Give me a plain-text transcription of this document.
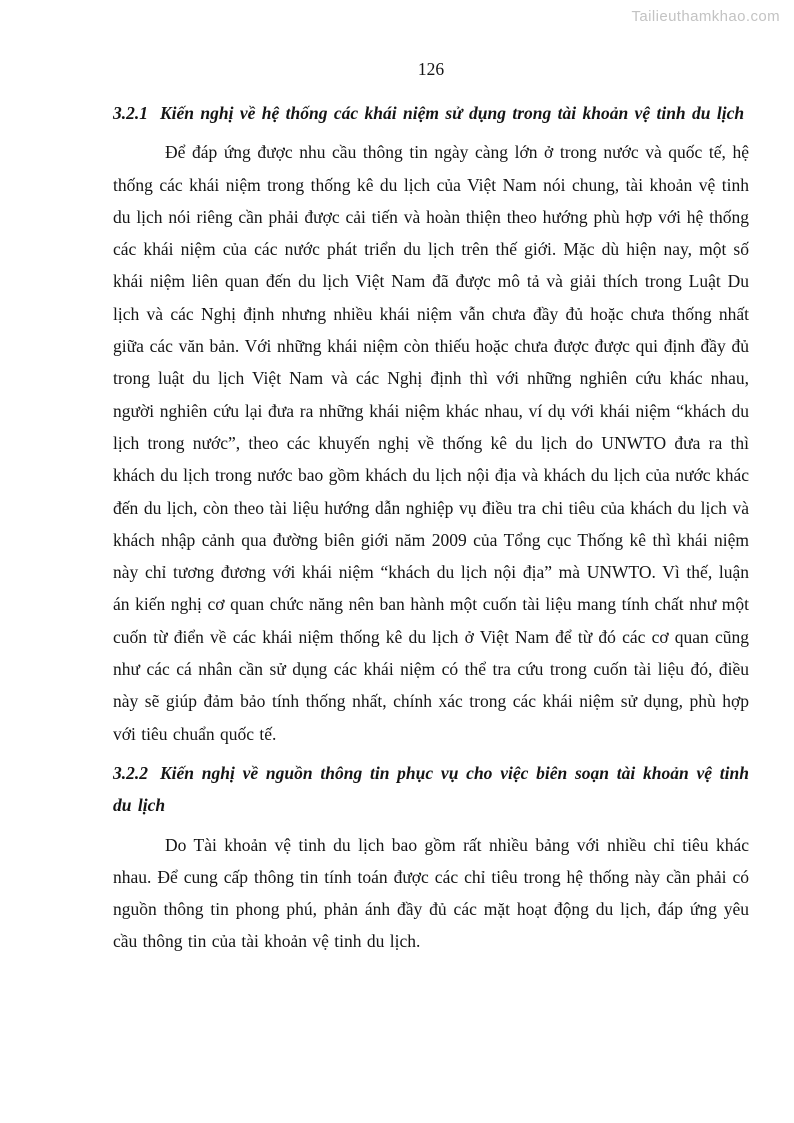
Tailieuthamkhao.com
126
3.2.1 Kiến nghị về hệ thống các khái niệm sử dụng trong tài khoản vệ tinh du lịch

Để đáp ứng được nhu cầu thông tin ngày càng lớn ở trong nước và quốc tế, hệ thống các khái niệm trong thống kê du lịch của Việt Nam nói chung, tài khoản vệ tinh du lịch nói riêng cần phải được cải tiến và hoàn thiện theo hướng phù hợp với hệ thống các khái niệm của các nước phát triển du lịch trên thế giới. Mặc dù hiện nay, một số khái niệm liên quan đến du lịch Việt Nam đã được mô tả và giải thích trong Luật Du lịch và các Nghị định nhưng nhiều khái niệm vẫn chưa đầy đủ hoặc chưa thống nhất giữa các văn bản. Với những khái niệm còn thiếu hoặc chưa được được qui định đầy đủ trong luật du lịch Việt Nam và các Nghị định thì với những nghiên cứu khác nhau, người nghiên cứu lại đưa ra những khái niệm khác nhau, ví dụ với khái niệm “khách du lịch trong nước”, theo các khuyến nghị về thống kê du lịch do UNWTO đưa ra thì khách du lịch trong nước bao gồm khách du lịch nội địa và khách du lịch của nước khác đến du lịch, còn theo tài liệu hướng dẫn nghiệp vụ điều tra chi tiêu của khách du lịch và khách nhập cảnh qua đường biên giới năm 2009 của Tổng cục Thống kê thì khái niệm này chỉ tương đương với khái niệm “khách du lịch nội địa” mà UNWTO. Vì thế, luận án kiến nghị cơ quan chức năng nên ban hành một cuốn tài liệu mang tính chất như một cuốn từ điển về các khái niệm thống kê du lịch ở Việt Nam để từ đó các cơ quan cũng như các cá nhân cần sử dụng các khái niệm có thể tra cứu trong cuốn tài liệu đó, điều này sẽ giúp đảm bảo tính thống nhất, chính xác trong các khái niệm sử dụng, phù hợp với tiêu chuẩn quốc tế.

3.2.2 Kiến nghị về nguồn thông tin phục vụ cho việc biên soạn tài khoản vệ tinh du lịch

Do Tài khoản vệ tinh du lịch bao gồm rất nhiều bảng với nhiều chỉ tiêu khác nhau. Để cung cấp thông tin tính toán được các chỉ tiêu trong hệ thống này cần phải có nguồn thông tin phong phú, phản ánh đầy đủ các mặt hoạt động du lịch, đáp ứng yêu cầu thông tin của tài khoản vệ tinh du lịch.
